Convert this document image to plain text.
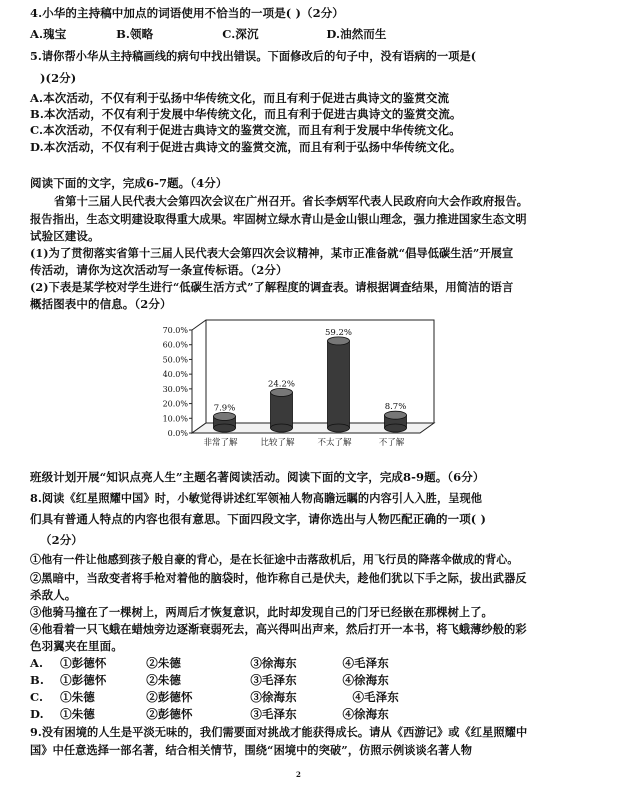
4.小华的主持稿中加点的词语使用不恰当的一项是( )（2分）
A.瑰宝	B.领略	C.深沉	D.油然而生
5.请你帮小华从主持稿画线的病句中找出错误。下面修改后的句子中，没有语病的一项是(
)(2分)
A.本次活动，不仅有利于弘扬中华传统文化，而且有利于促进古典诗文的鉴赏交流
B.本次活动，不仅有利于发展中华传统文化，而且有利于促进古典诗文的鉴赏交流。
C.本次活动，不仅有利于促进古典诗文的鉴赏交流，而且有利于发展中华传统文化。
D.本次活动，不仅有利于促进古典诗文的鉴赏交流，而且有利于弘扬中华传统文化。
阅读下面的文字，完成6-7题。（4分）
省第十三届人民代表大会第四次会议在广州召开。省长李炳军代表人民政府向大会作政府报告。
报告指出，生态文明建设取得重大成果。牢固树立绿水青山是金山银山理念，强力推进国家生态文明
试验区建设。
(1)为了贯彻落实省第十三届人民代表大会第四次会议精神，某市正准备就“倡导低碳生活”开展宣
传活动，请你为这次活动写一条宣传标语。（2分）
(2)下表是某学校对学生进行“低碳生活方式”了解程度的调查表。请根据调查结果，用简洁的语言
概括图表中的信息。（2分）
0.0%
10.0%
20.0%
30.0%
40.0%
50.0%
60.0%
70.0%
7.9%
非常了解
24.2%
比较了解
59.2%
不太了解
8.7%
不了解
班级计划开展“知识点亮人生”主题名著阅读活动。阅读下面的文字，完成8-9题。（6分）
8.阅读《红星照耀中国》时，小敏觉得讲述红军领袖人物高瞻远瞩的内容引人入胜，呈现他
们具有普通人特点的内容也很有意思。下面四段文字，请你选出与人物匹配正确的一项( )
（2分）
①他有一件让他感到孩子般自豪的背心，是在长征途中击落敌机后，用飞行员的降落伞做成的背心。
②黑暗中，当敌变者将手枪对着他的脑袋时，他诈称自己是伏夫，趁他们犹以下手之际，拔出武器反
杀敌人。
③他骑马撞在了一棵树上，两周后才恢复意识，此时却发现自己的门牙已经嵌在那棵树上了。
④他看着一只飞蛾在蜡烛旁边逐渐衰弱死去，高兴得叫出声来，然后打开一本书，将飞蛾薄纱般的彩
色羽翼夹在里面。
A. ①彭德怀	②朱德	③徐海东	④毛泽东
B. ①彭德怀	②朱德	③毛泽东	④徐海东
C. ①朱德	②彭德怀	③徐海东	④毛泽东
D. ①朱德	②彭德怀	③毛泽东	④徐海东
9.没有困境的人生是平淡无味的，我们需要面对挑战才能获得成长。请从《西游记》或《红星照耀中
国》中任意选择一部名著，结合相关情节，围绕“困境中的突破”，仿照示例谈谈名著人物
2
